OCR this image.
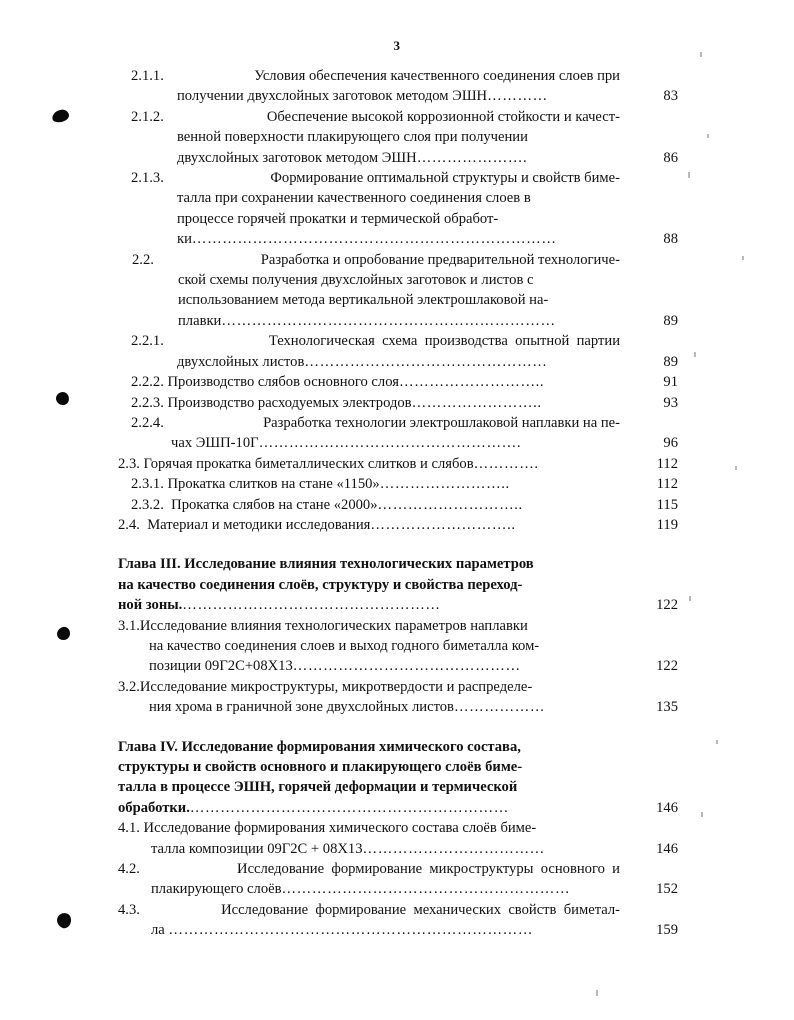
3
2.1.1.	Условия обеспечения качественного соединения слоев при
получении двухслойных заготовок методом ЭШН…………	83
2.1.2.	Обеспечение высокой коррозионной стойкости и качест-
венной поверхности плакирующего слоя при получении
двухслойных заготовок методом ЭШН………………….	86
2.1.3.	Формирование оптимальной структуры и свойств биме-
талла при сохранении качественного соединения слоев в
процессе горячей прокатки и термической обработ-
ки………………………………………………………………	88
2.2.	Разработка и опробование предварительной технологиче-
ской схемы получения двухслойных заготовок и листов с
использованием метода вертикальной электрошлаковой на-
плавки…………………………………………………………	89
2.2.1.	Технологическая  схема  производства  опытной  партии
двухслойных листов…………………………………………	89
2.2.2. Производство слябов основного слоя………………………..	91
2.2.3. Производство расходуемых электродов……………………..	93
2.2.4.	Разработка технологии электрошлаковой наплавки на пе-
чах ЭШП-10Г…………………………………………….	96
2.3. Горячая прокатка биметаллических слитков и слябов………….	112
2.3.1. Прокатка слитков на стане «1150»……………………..	112
2.3.2. Прокатка слябов на стане «2000»………………………..	115
2.4. Материал и методики исследования………………………..	119
Глава III. Исследование влияния технологических параметров
на качество соединения слоёв, структуру и свойства переход-
ной зоны.……………………………………………	122
3.1.Исследование влияния технологических параметров наплавки
на качество соединения слоев и выход годного биметалла ком-
позиции 09Г2С+08Х13………………………………………	122
3.2.Исследование микроструктуры, микротвердости и распределе-
ния хрома в граничной зоне двухслойных листов………………	135
Глава IV. Исследование формирования химического состава,
структуры и свойств основного и плакирующего слоёв биме-
талла в процессе ЭШН, горячей деформации и термической
обработки.………………………………………………………	146
4.1. Исследование формирования химического состава слоёв биме-
талла композиции 09Г2С + 08Х13………………………………	146
4.2.	Исследование  формирование  микроструктуры  основного  и
плакирующего слоёв…………………………………………………	152
4.3.	Исследование  формирование  механических  свойств  биметал-
ла ………………………………………………………………	159
